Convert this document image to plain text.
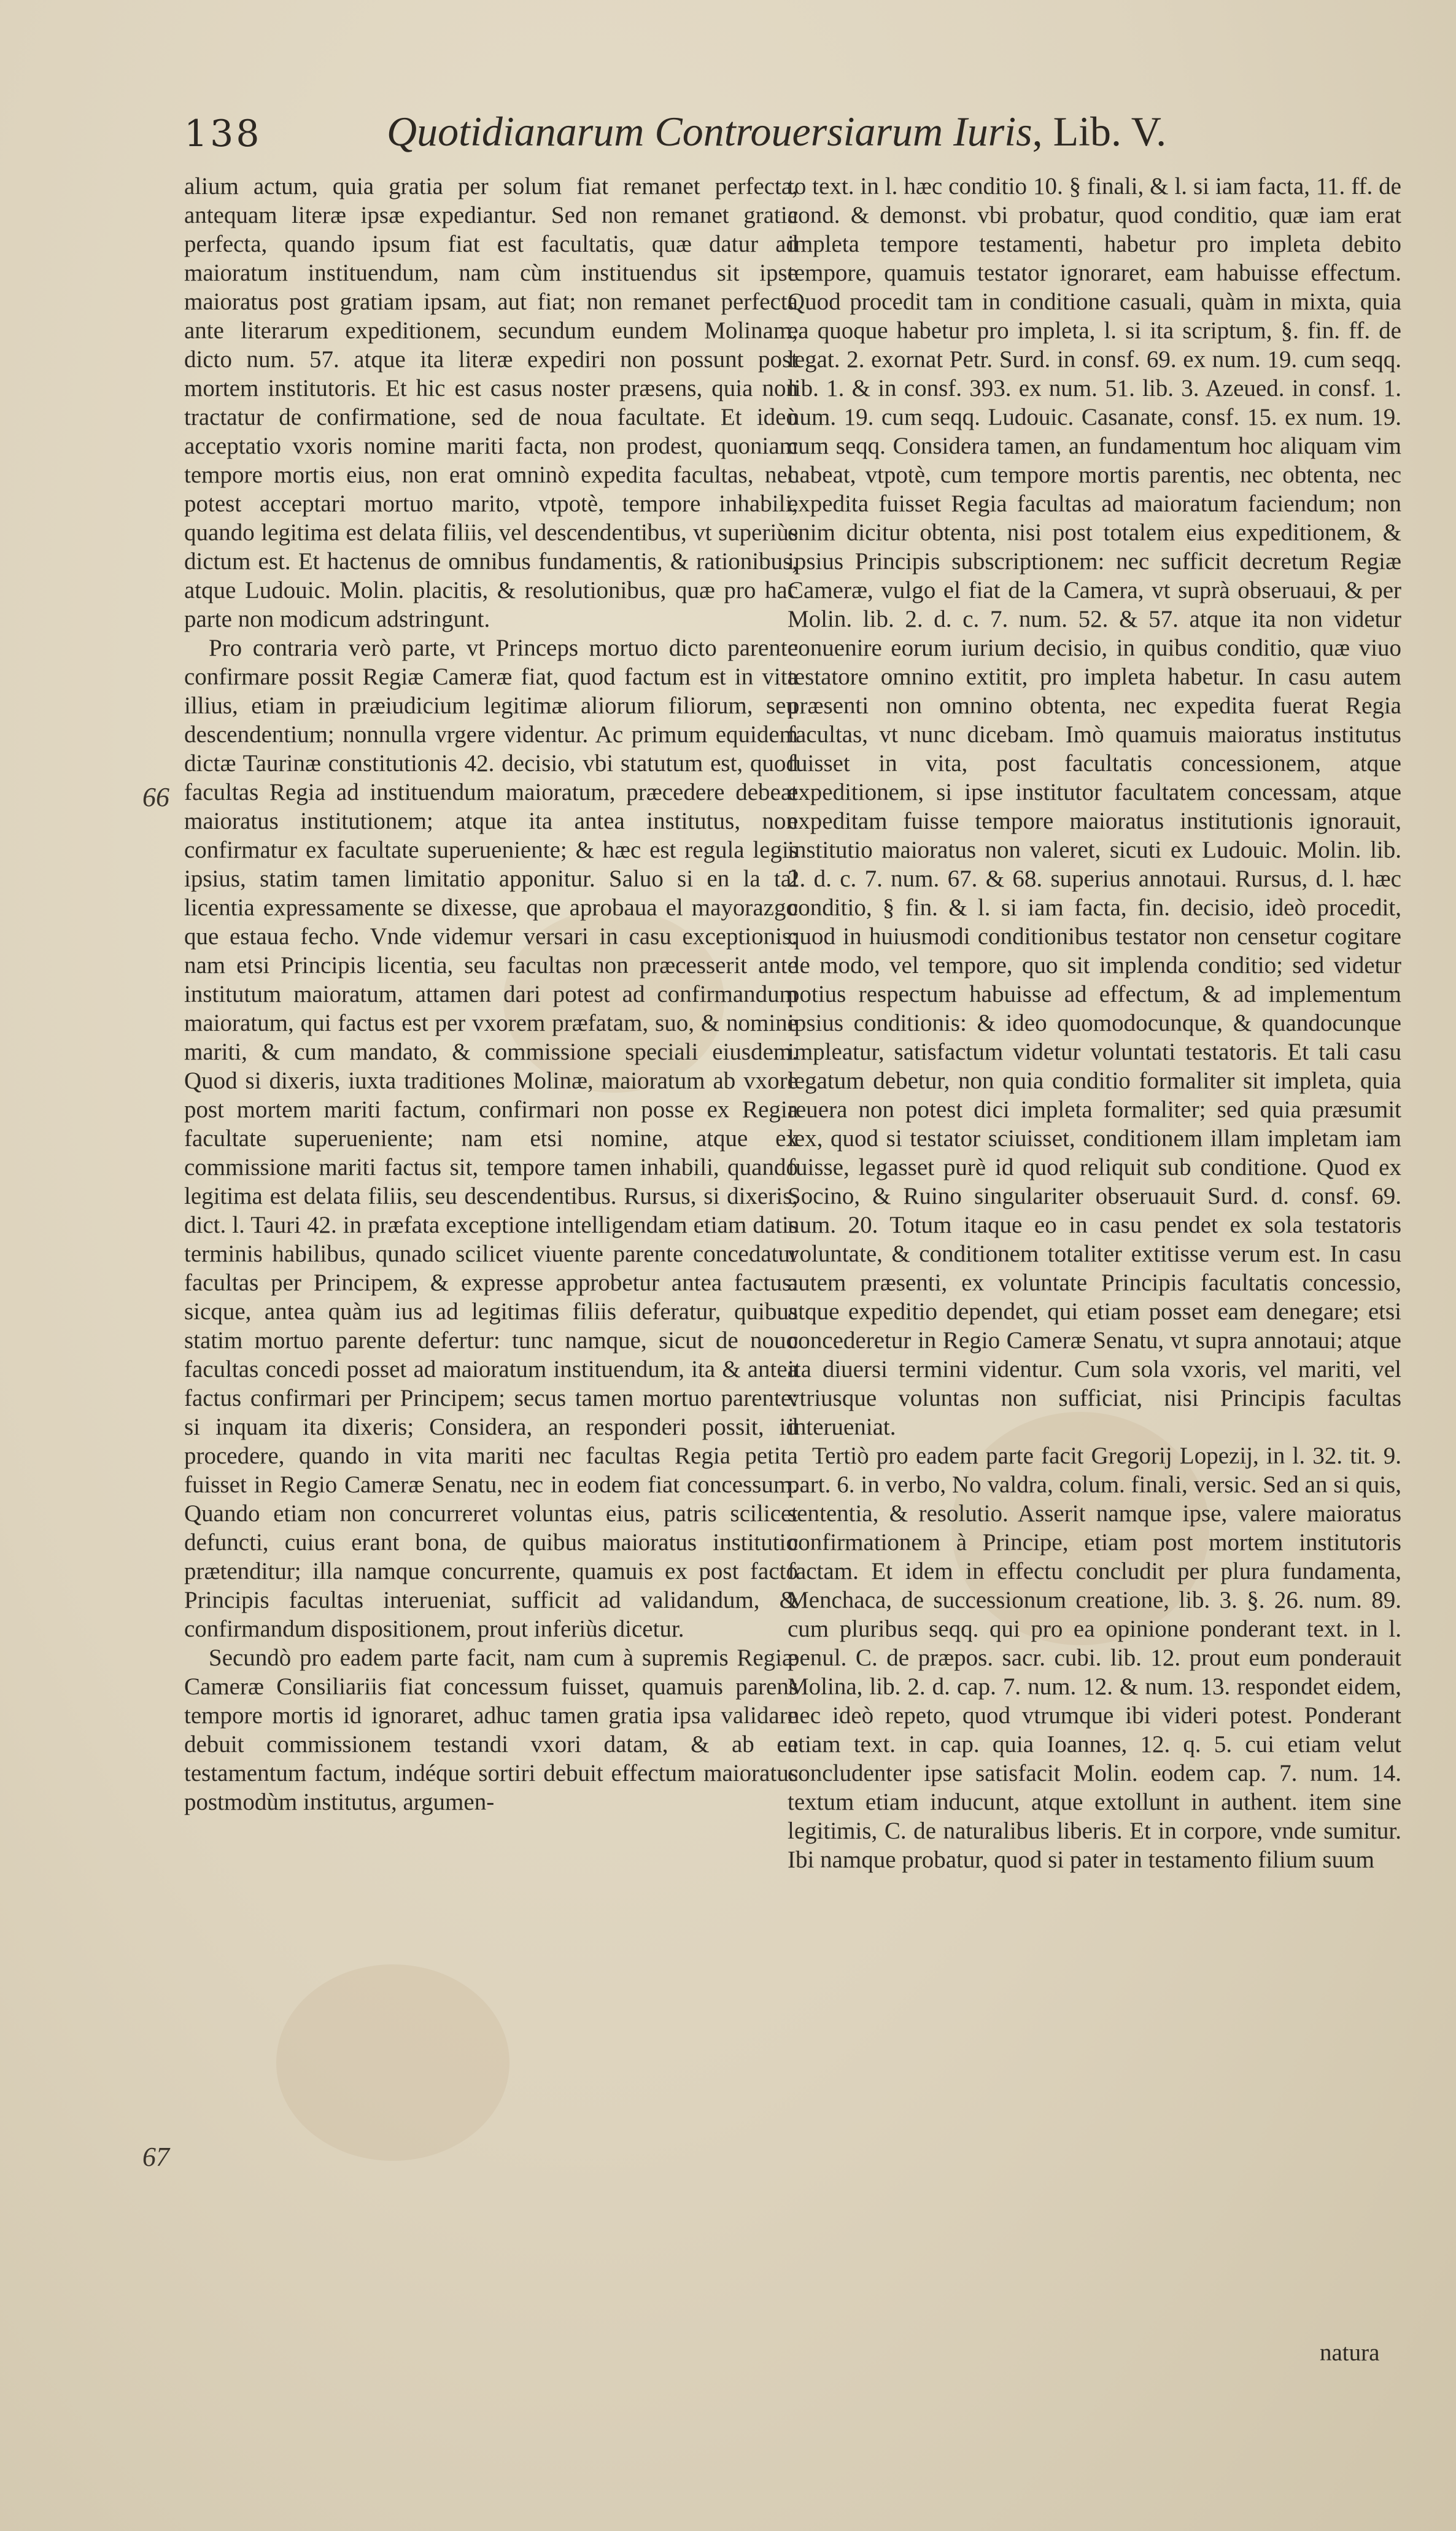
138	Quotidianarum Controuersiarum Iuris, Lib. V.

alium actum, quia gratia per solum fiat remanet perfecta, antequam literæ ipsæ expediantur. Sed non remanet gratia perfecta, quando ipsum fiat est facultatis, quæ datur ad maioratum instituendum, nam cùm instituendus sit ipse maioratus post gratiam ipsam, aut fiat; non remanet perfecta ante literarum expeditionem, secundum eundem Molinam, dicto num. 57. atque ita literæ expediri non possunt post mortem institutoris. Et hic est casus noster præsens, quia non tractatur de confirmatione, sed de noua facultate. Et ideò acceptatio vxoris nomine mariti facta, non prodest, quoniam tempore mortis eius, non erat omninò expedita facultas, nec potest acceptari mortuo marito, vtpotè, tempore inhabili, quando legitima est delata filiis, vel descendentibus, vt superiùs dictum est. Et hactenus de omnibus fundamentis, & rationibus, atque Ludouic. Molin. placitis, & resolutionibus, quæ pro hac parte non modicum adstringunt.

Pro contraria verò parte, vt Princeps mortuo dicto parente confirmare possit Regiæ Cameræ fiat, quod factum est in vita illius, etiam in præiudicium legitimæ aliorum filiorum, seu descendentium; nonnulla vrgere videntur. Ac primum equidem dictæ Taurinæ constitutionis 42. decisio, vbi statutum est, quod facultas Regia ad instituendum maioratum, præcedere debeat maioratus institutionem; atque ita antea institutus, non confirmatur ex facultate superueniente; & hæc est regula legis ipsius, statim tamen limitatio apponitur. Saluo si en la tal licentia expressamente se dixesse, que aprobaua el mayorazgo que estaua fecho. Vnde videmur versari in casu exceptionis: nam etsi Principis licentia, seu facultas non præcesserit ante institutum maioratum, attamen dari potest ad confirmandum maioratum, qui factus est per vxorem præfatam, suo, & nomine mariti, & cum mandato, & commissione speciali eiusdem. Quod si dixeris, iuxta traditiones Molinæ, maioratum ab vxore post mortem mariti factum, confirmari non posse ex Regia facultate superueniente; nam etsi nomine, atque ex commissione mariti factus sit, tempore tamen inhabili, quando legitima est delata filiis, seu descendentibus. Rursus, si dixeris, dict. l. Tauri 42. in præfata exceptione intelligendam etiam datis terminis habilibus, qunado scilicet viuente parente concedatur facultas per Principem, & expresse approbetur antea factus: sicque, antea quàm ius ad legitimas filiis deferatur, quibus statim mortuo parente defertur: tunc namque, sicut de nouo facultas concedi posset ad maioratum instituendum, ita & antea factus confirmari per Principem; secus tamen mortuo parente: si inquam ita dixeris; Considera, an responderi possit, id procedere, quando in vita mariti nec facultas Regia petita fuisset in Regio Cameræ Senatu, nec in eodem fiat concessum. Quando etiam non concurreret voluntas eius, patris scilicet defuncti, cuius erant bona, de quibus maioratus institutio prætenditur; illa namque concurrente, quamuis ex post facto Principis facultas interueniat, sufficit ad validandum, & confirmandum dispositionem, prout inferiùs dicetur.

Secundò pro eadem parte facit, nam cum à supremis Regiæ Cameræ Consiliariis fiat concessum fuisset, quamuis parens tempore mortis id ignoraret, adhuc tamen gratia ipsa validare debuit commissionem testandi vxori datam, & ab ea testamentum factum, indéque sortiri debuit effectum maioratus postmodùm institutus, argumen-

66
67

to text. in l. hæc conditio 10. § finali, & l. si iam facta, 11. ff. de cond. & demonst. vbi probatur, quod conditio, quæ iam erat impleta tempore testamenti, habetur pro impleta debito tempore, quamuis testator ignoraret, eam habuisse effectum. Quod procedit tam in conditione casuali, quàm in mixta, quia ea quoque habetur pro impleta, l. si ita scriptum, §. fin. ff. de legat. 2. exornat Petr. Surd. in consf. 69. ex num. 19. cum seqq. lib. 1. & in consf. 393. ex num. 51. lib. 3. Azeued. in consf. 1. num. 19. cum seqq. Ludouic. Casanate, consf. 15. ex num. 19. cum seqq. Considera tamen, an fundamentum hoc aliquam vim habeat, vtpotè, cum tempore mortis parentis, nec obtenta, nec expedita fuisset Regia facultas ad maioratum faciendum; non enim dicitur obtenta, nisi post totalem eius expeditionem, & ipsius Principis subscriptionem: nec sufficit decretum Regiæ Cameræ, vulgo el fiat de la Camera, vt suprà obseruaui, & per Molin. lib. 2. d. c. 7. num. 52. & 57. atque ita non videtur conuenire eorum iurium decisio, in quibus conditio, quæ viuo testatore omnino extitit, pro impleta habetur. In casu autem præsenti non omnino obtenta, nec expedita fuerat Regia facultas, vt nunc dicebam. Imò quamuis maioratus institutus fuisset in vita, post facultatis concessionem, atque expeditionem, si ipse institutor facultatem concessam, atque expeditam fuisse tempore maioratus institutionis ignorauit, institutio maioratus non valeret, sicuti ex Ludouic. Molin. lib. 2. d. c. 7. num. 67. & 68. superius annotaui. Rursus, d. l. hæc conditio, § fin. & l. si iam facta, fin. decisio, ideò procedit, quod in huiusmodi conditionibus testator non censetur cogitare de modo, vel tempore, quo sit implenda conditio; sed videtur potius respectum habuisse ad effectum, & ad implementum ipsius conditionis: & ideo quomodocunque, & quandocunque impleatur, satisfactum videtur voluntati testatoris. Et tali casu legatum debetur, non quia conditio formaliter sit impleta, quia reuera non potest dici impleta formaliter; sed quia præsumit lex, quod si testator sciuisset, conditionem illam impletam iam fuisse, legasset purè id quod reliquit sub conditione. Quod ex Socino, & Ruino singulariter obseruauit Surd. d. consf. 69. num. 20. Totum itaque eo in casu pendet ex sola testatoris voluntate, & conditionem totaliter extitisse verum est. In casu autem præsenti, ex voluntate Principis facultatis concessio, atque expeditio dependet, qui etiam posset eam denegare; etsi concederetur in Regio Cameræ Senatu, vt supra annotaui; atque ita diuersi termini videntur. Cum sola vxoris, vel mariti, vel vtriusque voluntas non sufficiat, nisi Principis facultas interueniat.

Tertiò pro eadem parte facit Gregorij Lopezij, in l. 32. tit. 9. part. 6. in verbo, No valdra, colum. finali, versic. Sed an si quis, sententia, & resolutio. Asserit namque ipse, valere maioratus confirmationem à Principe, etiam post mortem institutoris factam. Et idem in effectu concludit per plura fundamenta, Menchaca, de successionum creatione, lib. 3. §. 26. num. 89. cum pluribus seqq. qui pro ea opinione ponderant text. in l. penul. C. de præpos. sacr. cubi. lib. 12. prout eum ponderauit Molina, lib. 2. d. cap. 7. num. 12. & num. 13. respondet eidem, nec ideò repeto, quod vtrumque ibi videri potest. Ponderant etiam text. in cap. quia Ioannes, 12. q. 5. cui etiam velut concludenter ipse satisfacit Molin. eodem cap. 7. num. 14. textum etiam inducunt, atque extollunt in authent. item sine legitimis, C. de naturalibus liberis. Et in corpore, vnde sumitur. Ibi namque probatur, quod si pater in testamento filium suum

natura
